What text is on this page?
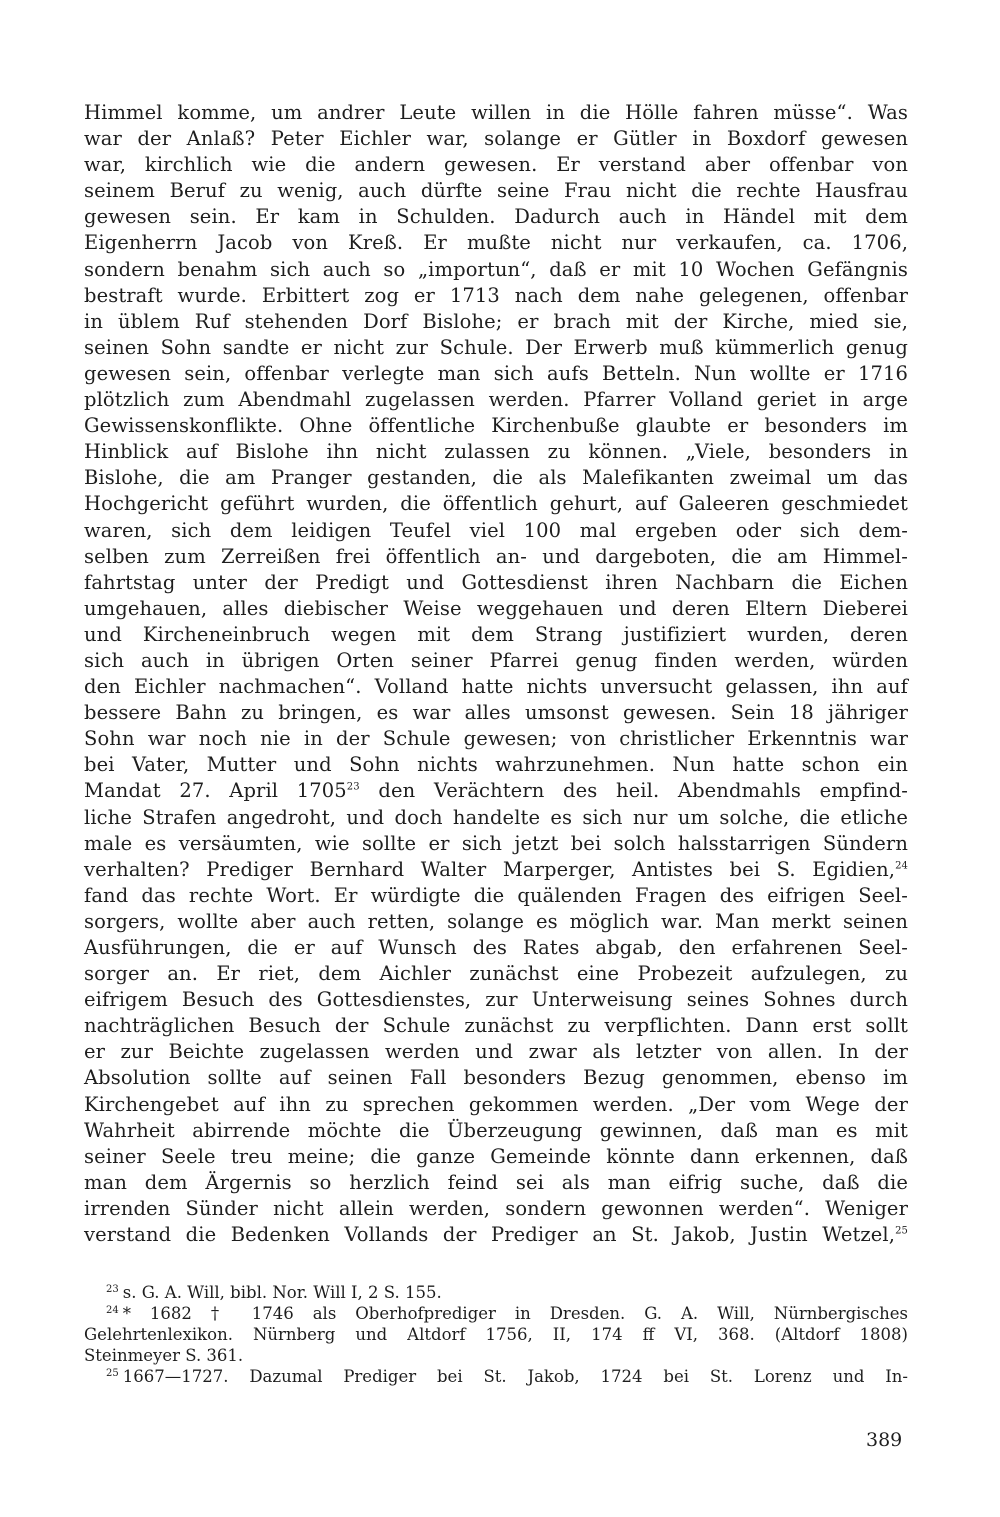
Himmel komme, um andrer Leute willen in die Hölle fahren müsse“. Was
war der Anlaß? Peter Eichler war, solange er Gütler in Boxdorf gewesen
war, kirchlich wie die andern gewesen. Er verstand aber offenbar von
seinem Beruf zu wenig, auch dürfte seine Frau nicht die rechte Hausfrau
gewesen sein. Er kam in Schulden. Dadurch auch in Händel mit dem
Eigenherrn Jacob von Kreß. Er mußte nicht nur verkaufen, ca. 1706,
sondern benahm sich auch so „importun“, daß er mit 10 Wochen Gefängnis
bestraft wurde. Erbittert zog er 1713 nach dem nahe gelegenen, offenbar
in üblem Ruf stehenden Dorf Bislohe; er brach mit der Kirche, mied sie,
seinen Sohn sandte er nicht zur Schule. Der Erwerb muß kümmerlich genug
gewesen sein, offenbar verlegte man sich aufs Betteln. Nun wollte er 1716
plötzlich zum Abendmahl zugelassen werden. Pfarrer Volland geriet in arge
Gewissenskonflikte. Ohne öffentliche Kirchenbuße glaubte er besonders im
Hinblick auf Bislohe ihn nicht zulassen zu können. „Viele, besonders in
Bislohe, die am Pranger gestanden, die als Malefikanten zweimal um das
Hochgericht geführt wurden, die öffentlich gehurt, auf Galeeren geschmiedet
waren, sich dem leidigen Teufel viel 100 mal ergeben oder sich dem-
selben zum Zerreißen frei öffentlich an- und dargeboten, die am Himmel-
fahrtstag unter der Predigt und Gottesdienst ihren Nachbarn die Eichen
umgehauen, alles diebischer Weise weggehauen und deren Eltern Dieberei
und Kircheneinbruch wegen mit dem Strang justifiziert wurden, deren
sich auch in übrigen Orten seiner Pfarrei genug finden werden, würden
den Eichler nachmachen“. Volland hatte nichts unversucht gelassen, ihn auf
bessere Bahn zu bringen, es war alles umsonst gewesen. Sein 18 jähriger
Sohn war noch nie in der Schule gewesen; von christlicher Erkenntnis war
bei Vater, Mutter und Sohn nichts wahrzunehmen. Nun hatte schon ein
Mandat 27. April 1705$^{23}$ den Verächtern des heil. Abendmahls empfind-
liche Strafen angedroht, und doch handelte es sich nur um solche, die etliche
male es versäumten, wie sollte er sich jetzt bei solch halsstarrigen Sündern
verhalten? Prediger Bernhard Walter Marperger, Antistes bei S. Egidien,$^{24}$
fand das rechte Wort. Er würdigte die quälenden Fragen des eifrigen Seel-
sorgers, wollte aber auch retten, solange es möglich war. Man merkt seinen
Ausführungen, die er auf Wunsch des Rates abgab, den erfahrenen Seel-
sorger an. Er riet, dem Aichler zunächst eine Probezeit aufzulegen, zu
eifrigem Besuch des Gottesdienstes, zur Unterweisung seines Sohnes durch
nachträglichen Besuch der Schule zunächst zu verpflichten. Dann erst sollt
er zur Beichte zugelassen werden und zwar als letzter von allen. In der
Absolution sollte auf seinen Fall besonders Bezug genommen, ebenso im
Kirchengebet auf ihn zu sprechen gekommen werden. „Der vom Wege der
Wahrheit abirrende möchte die Überzeugung gewinnen, daß man es mit
seiner Seele treu meine; die ganze Gemeinde könnte dann erkennen, daß
man dem Ärgernis so herzlich feind sei als man eifrig suche, daß die
irrenden Sünder nicht allein werden, sondern gewonnen werden“. Weniger
verstand die Bedenken Vollands der Prediger an St. Jakob, Justin Wetzel,$^{25}$
$^{23}$ s. G. A. Will, bibl. Nor. Will I, 2 S. 155.
$^{24}$ * 1682 † 1746 als Oberhofprediger in Dresden. G. A. Will, Nürnbergisches
Gelehrtenlexikon. Nürnberg und Altdorf 1756, II, 174 ff VI, 368. (Altdorf 1808)
Steinmeyer S. 361.
$^{25}$ 1667—1727. Dazumal Prediger bei St. Jakob, 1724 bei St. Lorenz und In-
389
